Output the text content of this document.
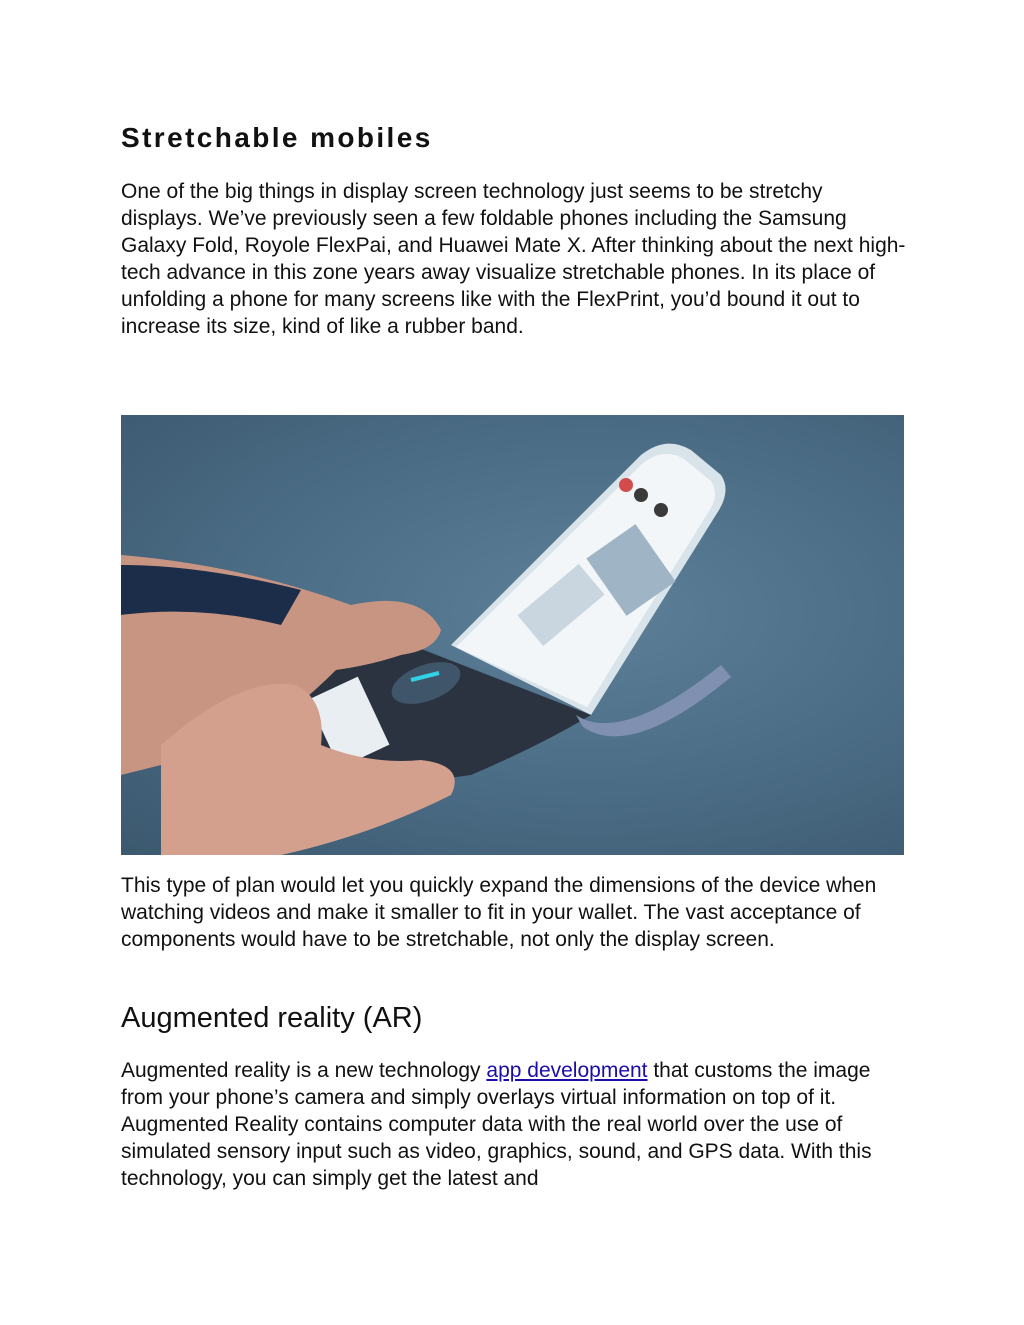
Stretchable mobiles

One of the big things in display screen technology just seems to be stretchy displays. We’ve previously seen a few foldable phones including the Samsung Galaxy Fold, Royole FlexPai, and Huawei Mate X. After thinking about the next high-tech advance in this zone years away visualize stretchable phones. In its place of unfolding a phone for many screens like with the FlexPrint, you’d bound it out to increase its size, kind of like a rubber band.

This type of plan would let you quickly expand the dimensions of the device when watching videos and make it smaller to fit in your wallet. The vast acceptance of components would have to be stretchable, not only the display screen.

Augmented reality (AR)

Augmented reality is a new technology app development that customs the image from your phone’s camera and simply overlays virtual information on top of it. Augmented Reality contains computer data with the real world over the use of simulated sensory input such as video, graphics, sound, and GPS data. With this technology, you can simply get the latest and
